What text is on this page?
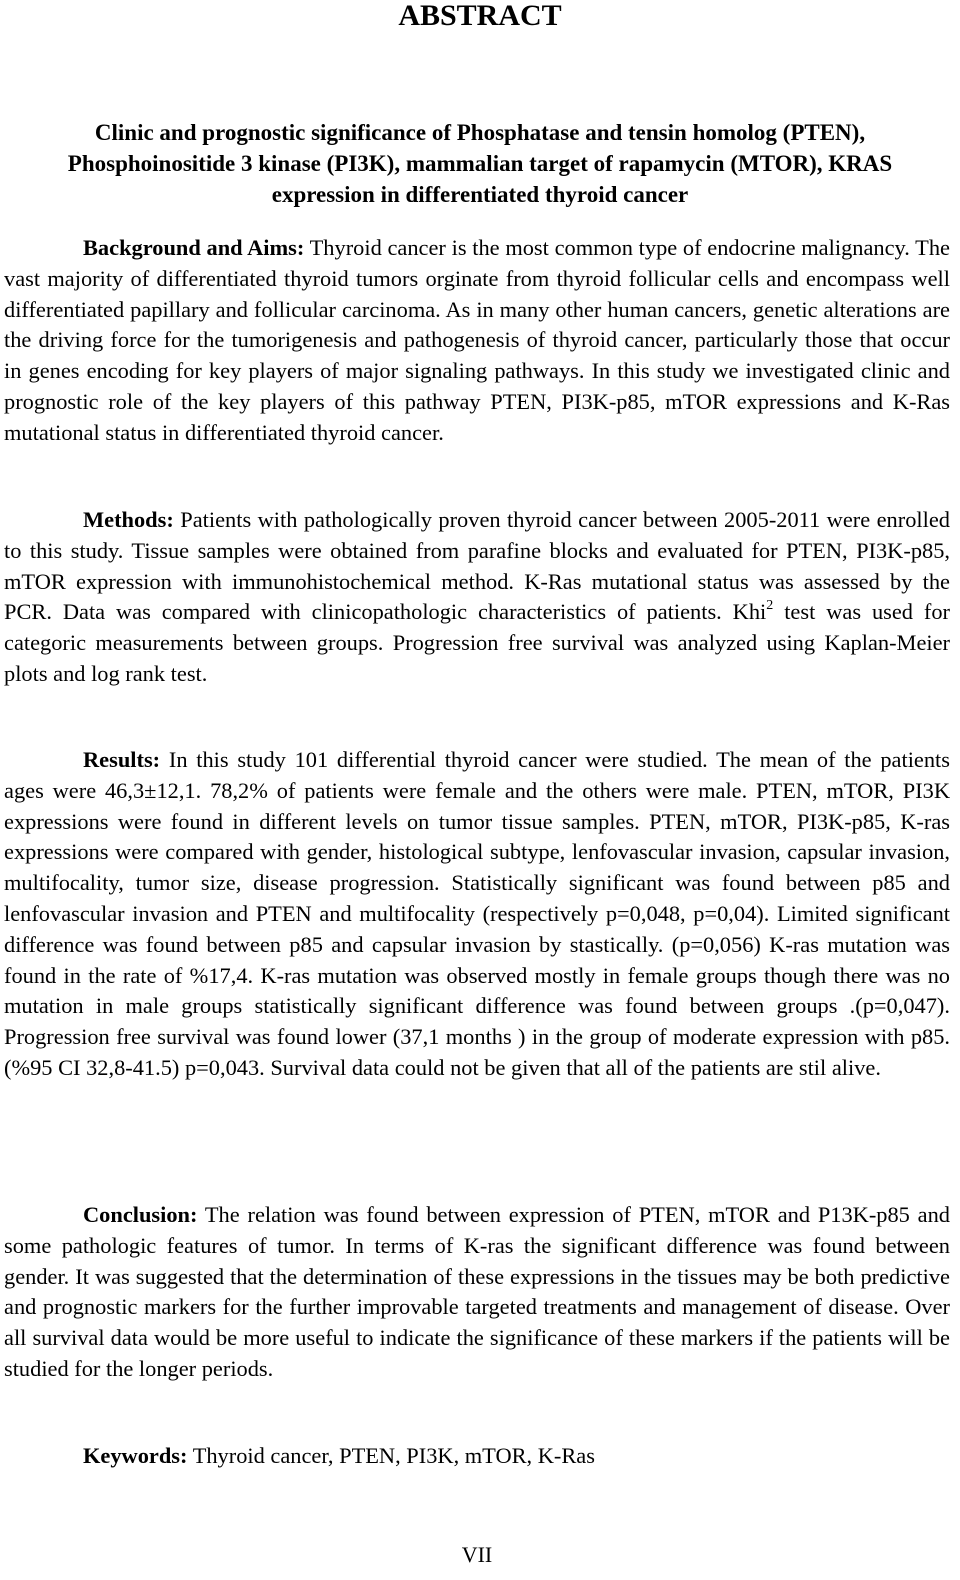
ABSTRACT
Clinic and prognostic significance of Phosphatase and tensin homolog (PTEN), Phosphoinositide 3 kinase (PI3K), mammalian target of rapamycin (MTOR), KRAS expression in differentiated thyroid cancer

Background and Aims: Thyroid cancer is the most common type of endocrine malignancy. The vast majority of differentiated thyroid tumors orginate from thyroid follicular cells and encompass well differentiated papillary and follicular carcinoma. As in many other human cancers, genetic alterations are the driving force for the tumorigenesis and pathogenesis of thyroid cancer, particularly those that occur in genes encoding for key players of major signaling pathways. In this study we investigated clinic and prognostic role of the key players of this pathway PTEN, PI3K-p85, mTOR expressions and K-Ras mutational status in differentiated thyroid cancer.

Methods: Patients with pathologically proven thyroid cancer between 2005-2011 were enrolled to this study. Tissue samples were obtained from parafine blocks and evaluated for PTEN, PI3K-p85, mTOR expression with immunohistochemical method. K-Ras mutational status was assessed by the PCR. Data was compared with clinicopathologic characteristics of patients. Khi$^2$ test was used for categoric measurements between groups. Progression free survival was analyzed using Kaplan-Meier plots and log rank test.

Results: In this study 101 differential thyroid cancer were studied. The mean of the patients ages were 46,3±12,1. 78,2% of patients were female and the others were male. PTEN, mTOR, PI3K expressions were found in different levels on tumor tissue samples. PTEN, mTOR, PI3K-p85, K-ras expressions were compared with gender, histological subtype, lenfovascular invasion, capsular invasion, multifocality, tumor size, disease progression. Statistically significant was found between p85 and lenfovascular invasion and PTEN and multifocality (respectively p=0,048, p=0,04). Limited significant difference was found between p85 and capsular invasion by stastically. (p=0,056) K-ras mutation was found in the rate of %17,4. K-ras mutation was observed mostly in female groups though there was no mutation in male groups statistically significant difference was found between groups .(p=0,047). Progression free survival was found lower (37,1 months ) in the group of moderate expression with p85. (%95 CI 32,8-41.5) p=0,043. Survival data could not be given that all of the patients are stil alive.

Conclusion: The relation was found between expression of PTEN, mTOR and P13K-p85 and some pathologic features of tumor. In terms of K-ras the significant difference was found between gender. It was suggested that the determination of these expressions in the tissues may be both predictive and prognostic markers for the further improvable targeted treatments and management of disease. Over all survival data would be more useful to indicate the significance of these markers if the patients will be studied for the longer periods.

Keywords: Thyroid cancer, PTEN, PI3K, mTOR, K-Ras

VII
